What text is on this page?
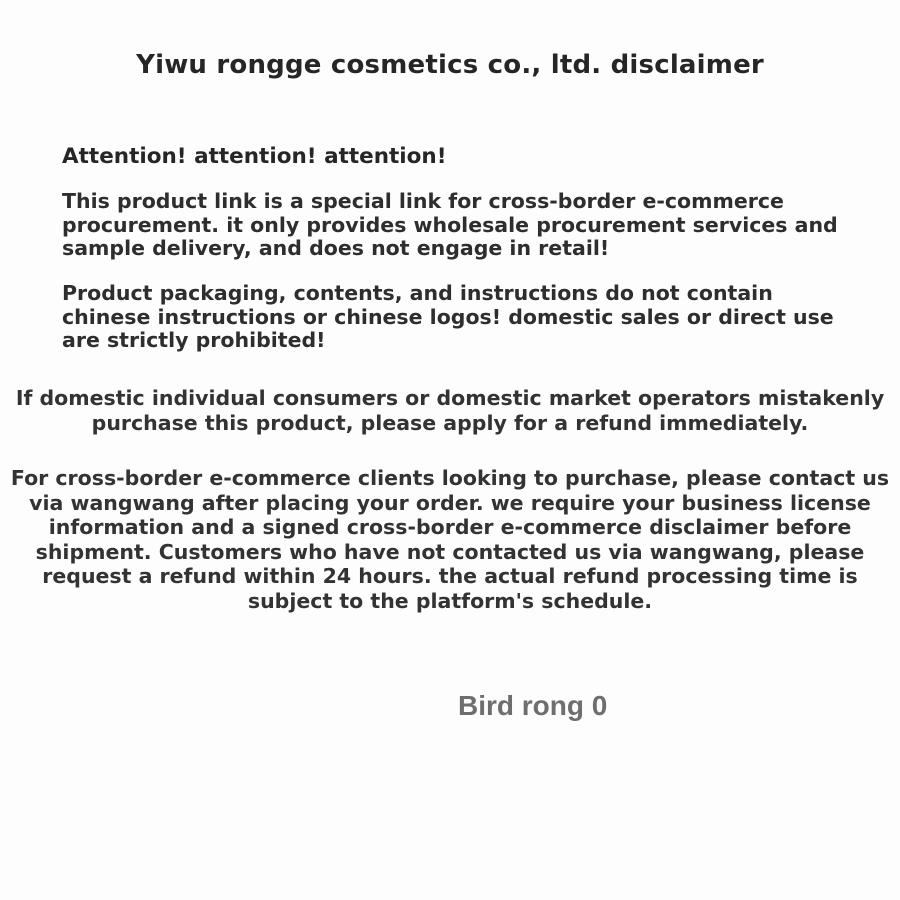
Yiwu rongge cosmetics co., ltd. disclaimer
Attention! attention! attention!
This product link is a special link for cross-border e-commerce procurement. it only provides wholesale procurement services and sample delivery, and does not engage in retail!
Product packaging, contents, and instructions do not contain chinese instructions or chinese logos! domestic sales or direct use are strictly prohibited!
If domestic individual consumers or domestic market operators mistakenly purchase this product, please apply for a refund immediately.
For cross-border e-commerce clients looking to purchase, please contact us via wangwang after placing your order. we require your business license information and a signed cross-border e-commerce disclaimer before shipment. Customers who have not contacted us via wangwang, please request a refund within 24 hours. the actual refund processing time is subject to the platform's schedule.
Bird rong 0
